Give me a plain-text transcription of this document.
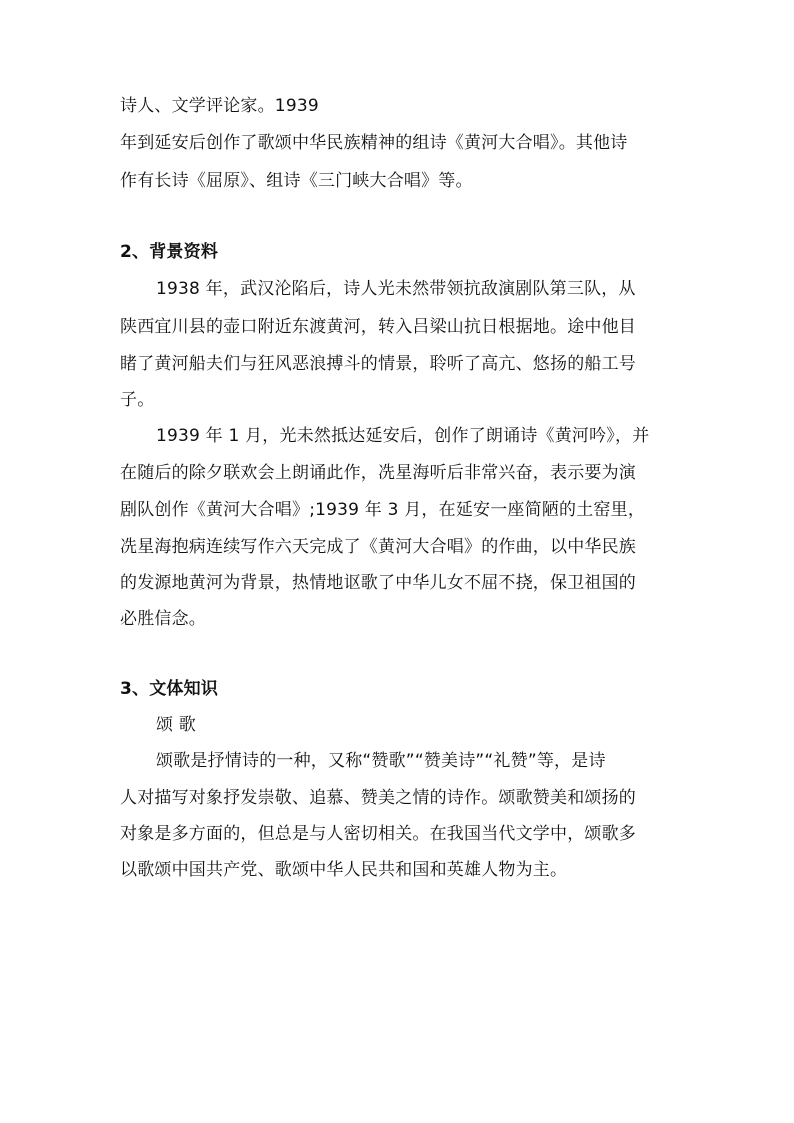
诗人、文学评论家。1939
年到延安后创作了歌颂中华民族精神的组诗《黄河大合唱》。其他诗
作有长诗《屈原》、组诗《三门峡大合唱》等。
2、背景资料
1938 年，武汉沦陷后，诗人光未然带领抗敌演剧队第三队，从
陕西宜川县的壶口附近东渡黄河，转入吕梁山抗日根据地。途中他目
睹了黄河船夫们与狂风恶浪搏斗的情景，聆听了高亢、悠扬的船工号
子。
1939 年 1 月，光未然抵达延安后，创作了朗诵诗《黄河吟》，并
在随后的除夕联欢会上朗诵此作，冼星海听后非常兴奋，表示要为演
剧队创作《黄河大合唱》;1939 年 3 月，在延安一座简陋的土窑里，
冼星海抱病连续写作六天完成了《黄河大合唱》的作曲，以中华民族
的发源地黄河为背景，热情地讴歌了中华儿女不屈不挠，保卫祖国的
必胜信念。
3、文体知识
颂 歌
颂歌是抒情诗的一种，又称“赞歌”“赞美诗”“礼赞”等，是诗
人对描写对象抒发崇敬、追慕、赞美之情的诗作。颂歌赞美和颂扬的
对象是多方面的，但总是与人密切相关。在我国当代文学中，颂歌多
以歌颂中国共产党、歌颂中华人民共和国和英雄人物为主。
